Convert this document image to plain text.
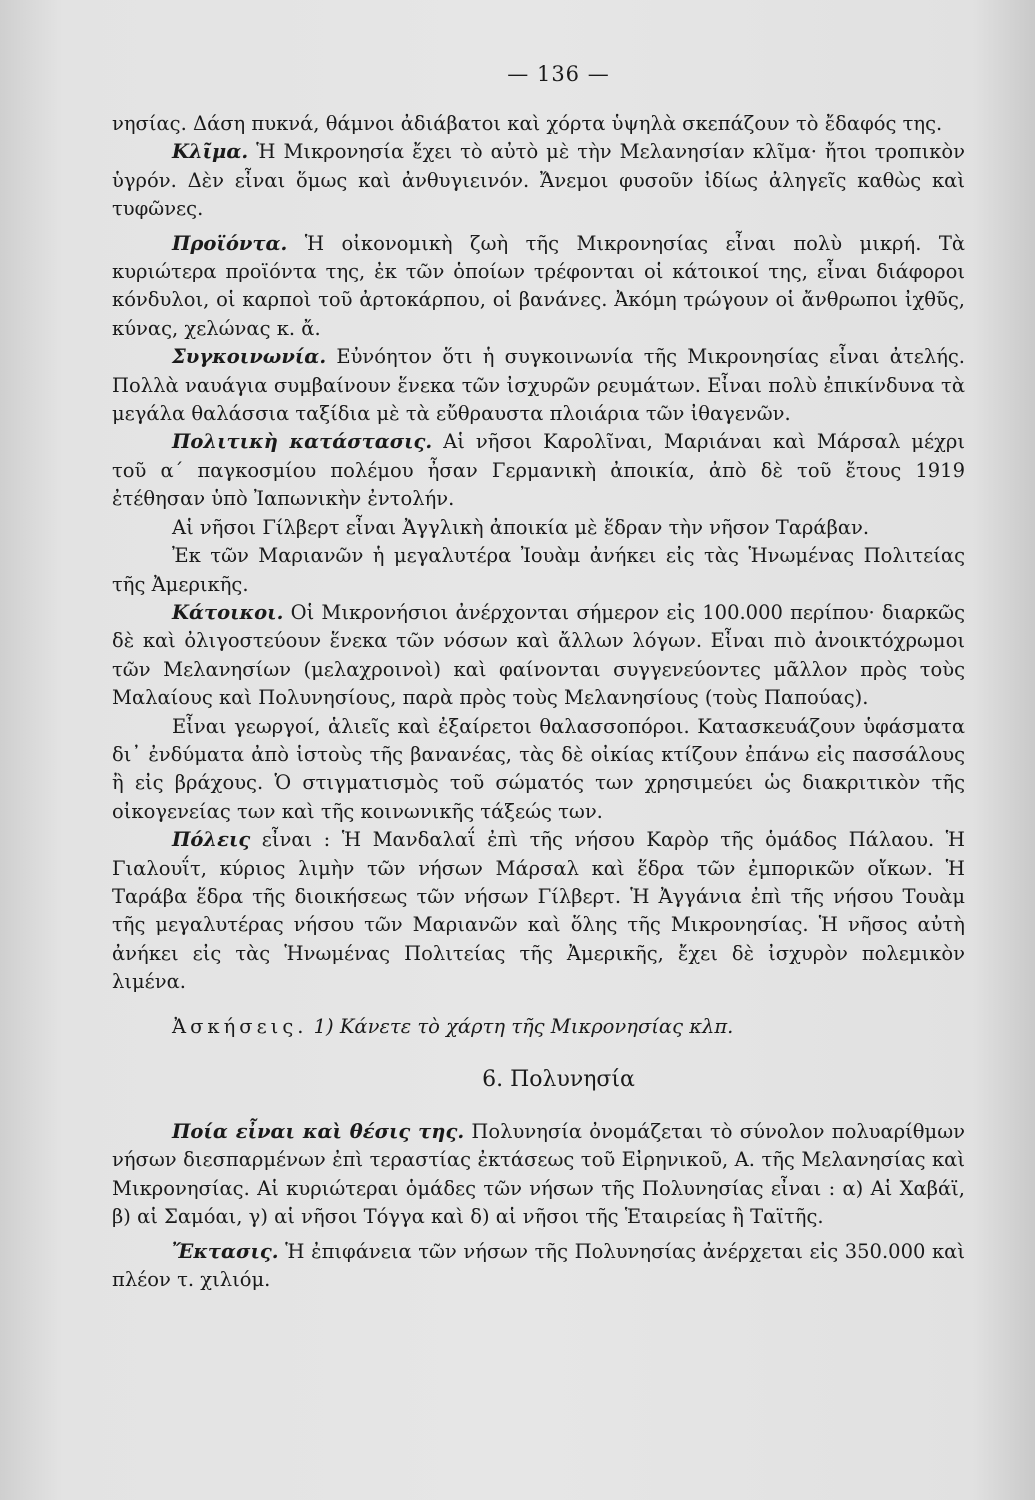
— 136 —

νησίας. Δάση πυκνά, θάμνοι ἀδιάβατοι καὶ χόρτα ὑψηλὰ σκεπάζουν τὸ ἔδαφός της.

Κλῖμα. Ἡ Μικρονησία ἔχει τὸ αὐτὸ μὲ τὴν Μελανησίαν κλῖμα· ἤτοι τροπικὸν ὑγρόν. Δὲν εἶναι ὅμως καὶ ἀνθυγιεινόν. Ἄνεμοι φυσοῦν ἰδίως ἀληγεῖς καθὼς καὶ τυφῶνες.

Προϊόντα. Ἡ οἰκονομικὴ ζωὴ τῆς Μικρονησίας εἶναι πολὺ μικρή. Τὰ κυριώτερα προϊόντα της, ἐκ τῶν ὁποίων τρέφονται οἱ κάτοικοί της, εἶναι διάφοροι κόνδυλοι, οἱ καρποὶ τοῦ ἀρτοκάρπου, οἱ βανάνες. Ἀκόμη τρώγουν οἱ ἄνθρωποι ἰχθῦς, κύνας, χελώνας κ. ἄ.

Συγκοινωνία. Εὐνόητον ὅτι ἡ συγκοινωνία τῆς Μικρονησίας εἶναι ἀτελής. Πολλὰ ναυάγια συμβαίνουν ἕνεκα τῶν ἰσχυρῶν ρευμάτων. Εἶναι πολὺ ἐπικίνδυνα τὰ μεγάλα θαλάσσια ταξίδια μὲ τὰ εὔθραυστα πλοιάρια τῶν ἰθαγενῶν.

Πολιτικὴ κατάστασις. Αἱ νῆσοι Καρολῖναι, Μαριάναι καὶ Μάρσαλ μέχρι τοῦ α΄ παγκοσμίου πολέμου ἦσαν Γερμανικὴ ἀποικία, ἀπὸ δὲ τοῦ ἔτους 1919 ἐτέθησαν ὑπὸ Ἰαπωνικὴν ἐντολήν.

Αἱ νῆσοι Γίλβερτ εἶναι Ἀγγλικὴ ἀποικία μὲ ἕδραν τὴν νῆσον Ταράβαν.

Ἐκ τῶν Μαριανῶν ἡ μεγαλυτέρα Ἰουὰμ ἀνήκει εἰς τὰς Ἡνωμένας Πολιτείας τῆς Ἀμερικῆς.

Κάτοικοι. Οἱ Μικρονήσιοι ἀνέρχονται σήμερον εἰς 100.000 περίπου· διαρκῶς δὲ καὶ ὀλιγοστεύουν ἕνεκα τῶν νόσων καὶ ἄλλων λόγων. Εἶναι πιὸ ἀνοικτόχρωμοι τῶν Μελανησίων (μελαχροινοὶ) καὶ φαίνονται συγγενεύοντες μᾶλλον πρὸς τοὺς Μαλαίους καὶ Πολυνησίους, παρὰ πρὸς τοὺς Μελανησίους (τοὺς Παπούας).

Εἶναι γεωργοί, ἁλιεῖς καὶ ἐξαίρετοι θαλασσοπόροι. Κατασκευάζουν ὑφάσματα δι᾽ ἐνδύματα ἀπὸ ἱστοὺς τῆς βανανέας, τὰς δὲ οἰκίας κτίζουν ἐπάνω εἰς πασσάλους ἢ εἰς βράχους. Ὁ στιγματισμὸς τοῦ σώματός των χρησιμεύει ὡς διακριτικὸν τῆς οἰκογενείας των καὶ τῆς κοινωνικῆς τάξεώς των.

Πόλεις εἶναι : Ἡ Μανδαλαΐ ἐπὶ τῆς νήσου Καρὸρ τῆς ὁμάδος Πάλαου. Ἡ Γιαλουΐτ, κύριος λιμὴν τῶν νήσων Μάρσαλ καὶ ἕδρα τῶν ἐμπορικῶν οἴκων. Ἡ Ταράβα ἕδρα τῆς διοικήσεως τῶν νήσων Γίλβερτ. Ἡ Ἀγγάνια ἐπὶ τῆς νήσου Τουὰμ τῆς μεγαλυτέρας νήσου τῶν Μαριανῶν καὶ ὅλης τῆς Μικρονησίας. Ἡ νῆσος αὐτὴ ἀνήκει εἰς τὰς Ἡνωμένας Πολιτείας τῆς Ἀμερικῆς, ἔχει δὲ ἰσχυρὸν πολεμικὸν λιμένα.

Ἀσκήσεις. 1) Κάνετε τὸ χάρτη τῆς Μικρονησίας κλπ.

6. Πολυνησία

Ποία εἶναι καὶ θέσις της. Πολυνησία ὀνομάζεται τὸ σύνολον πολυαρίθμων νήσων διεσπαρμένων ἐπὶ τεραστίας ἐκτάσεως τοῦ Εἰρηνικοῦ, Α. τῆς Μελανησίας καὶ Μικρονησίας. Αἱ κυριώτεραι ὁμάδες τῶν νήσων τῆς Πολυνησίας εἶναι : α) Αἱ Χαβάϊ, β) αἱ Σαμόαι, γ) αἱ νῆσοι Τόγγα καὶ δ) αἱ νῆσοι τῆς Ἑταιρείας ἢ Ταϊτῆς.

Ἔκτασις. Ἡ ἐπιφάνεια τῶν νήσων τῆς Πολυνησίας ἀνέρχεται εἰς 350.000 καὶ πλέον τ. χιλιόμ.
